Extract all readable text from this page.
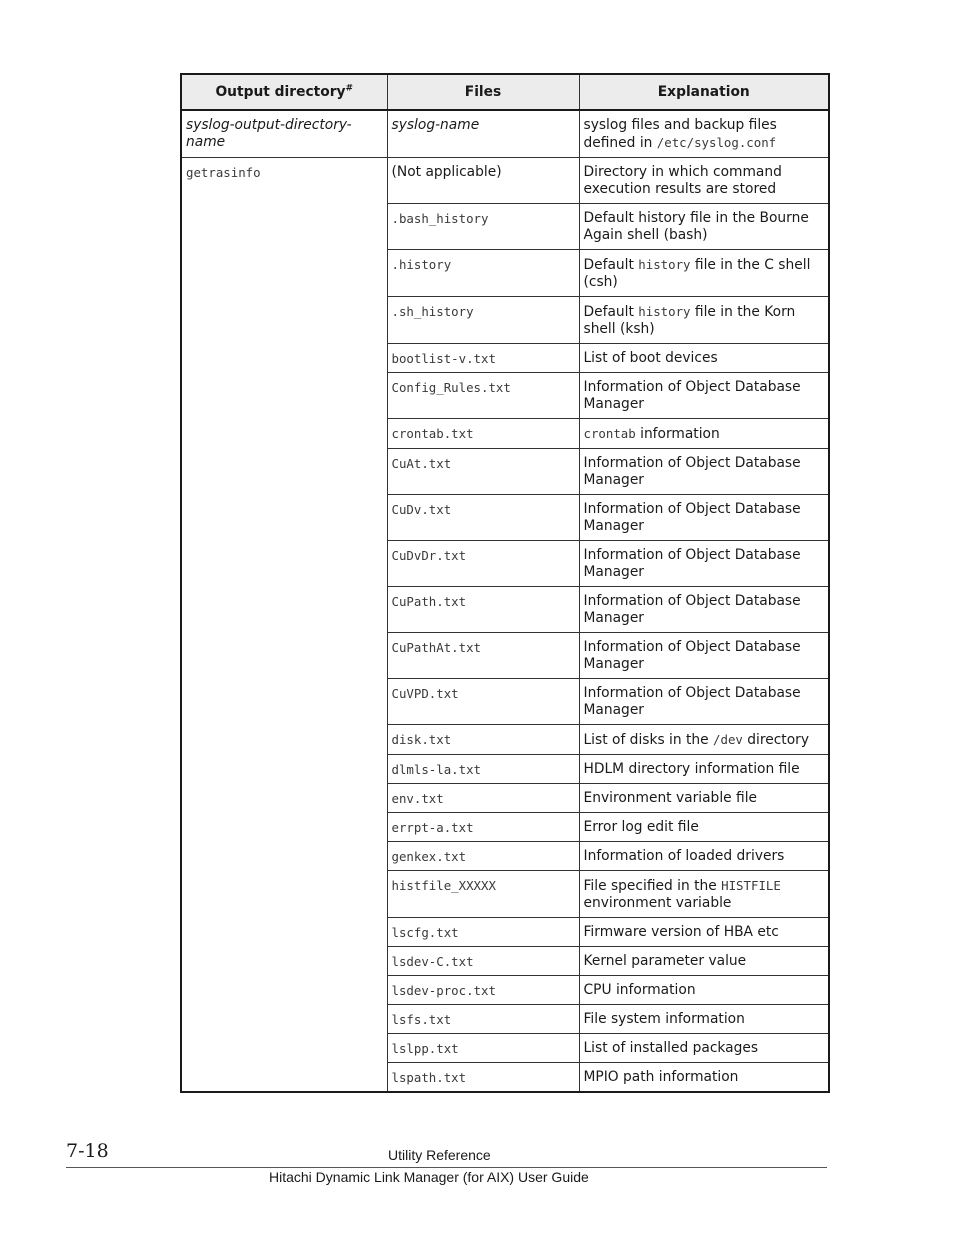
Output directory#	Files	Explanation
syslog-output-directory-name	syslog-name	syslog files and backup files defined in /etc/syslog.conf
getrasinfo	(Not applicable)	Directory in which command execution results are stored
	.bash_history	Default history file in the Bourne Again shell (bash)
	.history	Default history file in the C shell (csh)
	.sh_history	Default history file in the Korn shell (ksh)
	bootlist-v.txt	List of boot devices
	Config_Rules.txt	Information of Object Database Manager
	crontab.txt	crontab information
	CuAt.txt	Information of Object Database Manager
	CuDv.txt	Information of Object Database Manager
	CuDvDr.txt	Information of Object Database Manager
	CuPath.txt	Information of Object Database Manager
	CuPathAt.txt	Information of Object Database Manager
	CuVPD.txt	Information of Object Database Manager
	disk.txt	List of disks in the /dev directory
	dlmls-la.txt	HDLM directory information file
	env.txt	Environment variable file
	errpt-a.txt	Error log edit file
	genkex.txt	Information of loaded drivers
	histfile_XXXXX	File specified in the HISTFILE environment variable
	lscfg.txt	Firmware version of HBA etc
	lsdev-C.txt	Kernel parameter value
	lsdev-proc.txt	CPU information
	lsfs.txt	File system information
	lslpp.txt	List of installed packages
	lspath.txt	MPIO path information
7-18	Utility Reference
Hitachi Dynamic Link Manager (for AIX) User Guide
